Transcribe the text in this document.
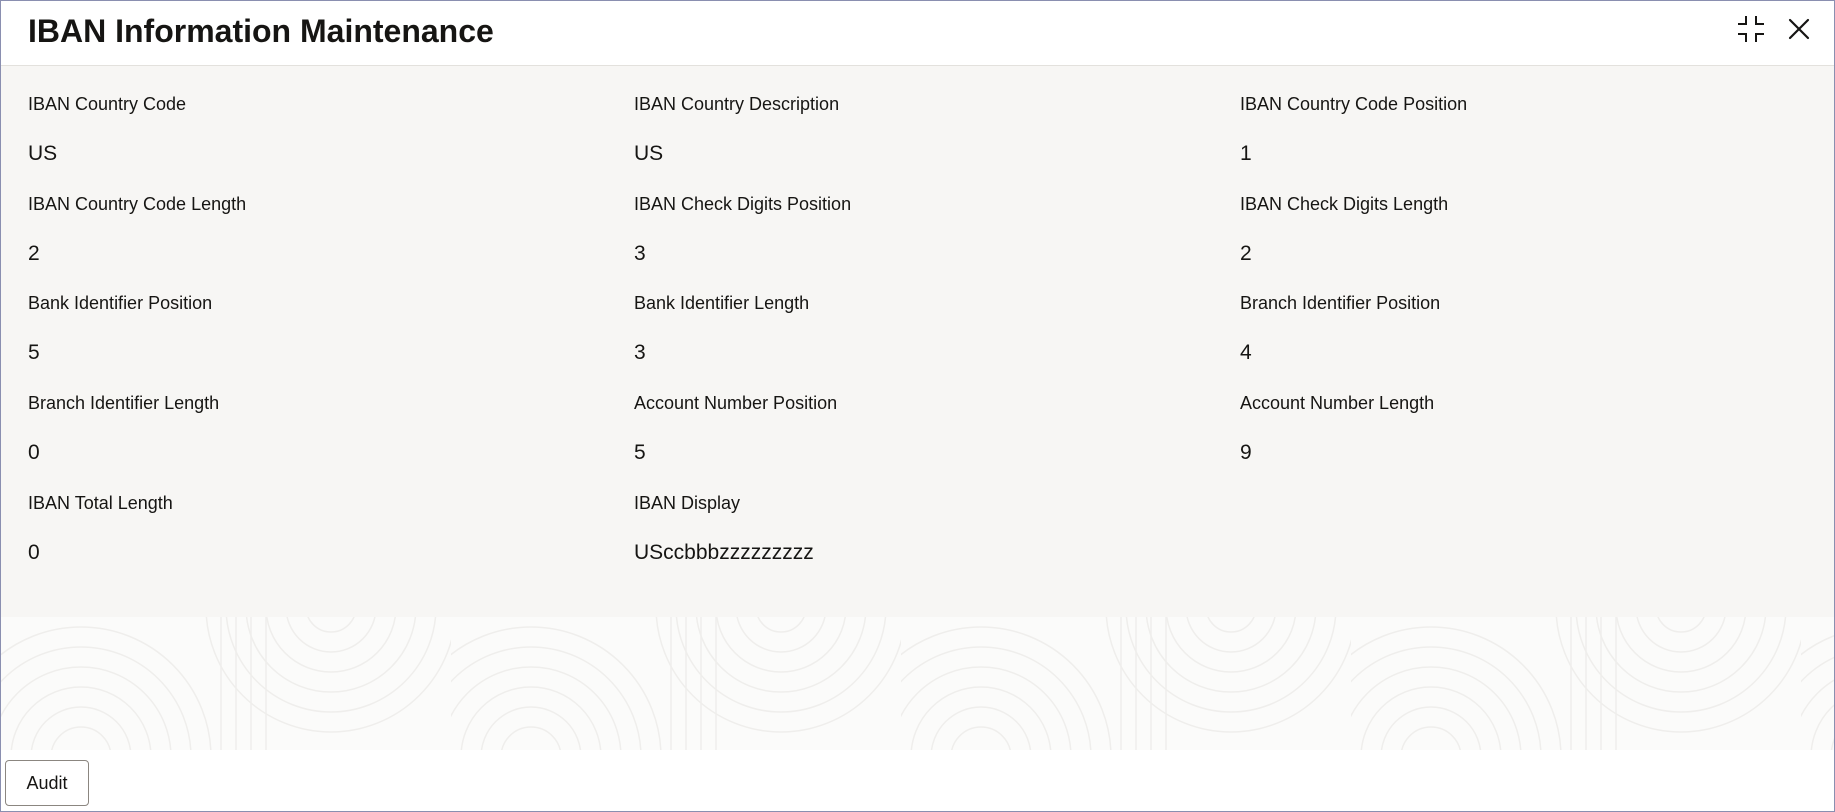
IBAN Information Maintenance
IBAN Country Code
US
IBAN Country Description
US
IBAN Country Code Position
1
IBAN Country Code Length
2
IBAN Check Digits Position
3
IBAN Check Digits Length
2
Bank Identifier Position
5
Bank Identifier Length
3
Branch Identifier Position
4
Branch Identifier Length
0
Account Number Position
5
Account Number Length
9
IBAN Total Length
0
IBAN Display
USccbbbzzzzzzzzz
Audit
